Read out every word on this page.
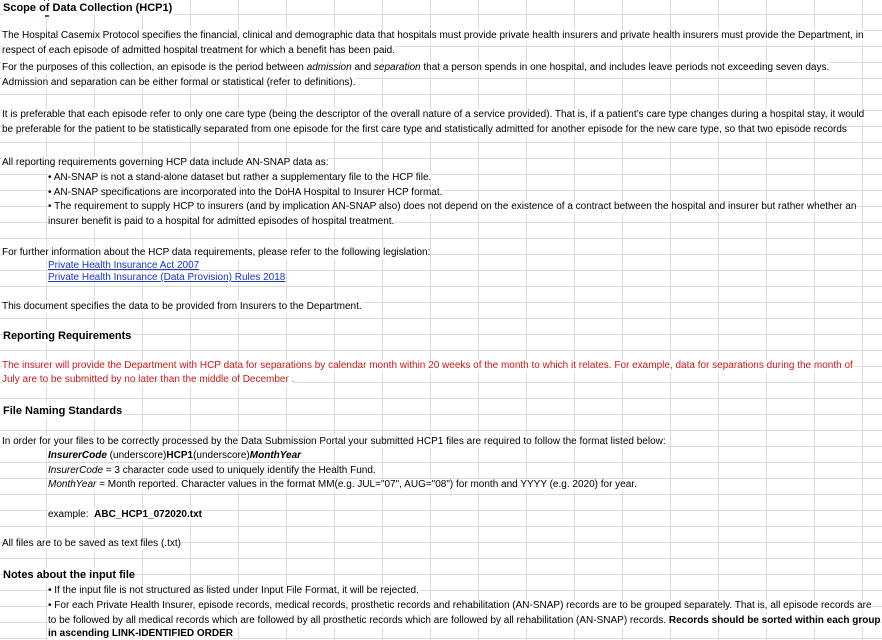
Scope of Data Collection (HCP1)
The Hospital Casemix Protocol specifies the financial, clinical and demographic data that hospitals must provide private health insurers and private health insurers must provide the Department, in
respect of each episode of admitted hospital treatment for which a benefit has been paid.
For the purposes of this collection, an episode is the period between admission and separation that a person spends in one hospital, and includes leave periods not exceeding seven days.
Admission and separation can be either formal or statistical (refer to definitions).
It is preferable that each episode refer to only one care type (being the descriptor of the overall nature of a service provided). That is, if a patient’s care type changes during a hospital stay, it would
be preferable for the patient to be statistically separated from one episode for the first care type and statistically admitted for another episode for the new care type, so that two episode records
All reporting requirements governing HCP data include AN-SNAP data as:
• AN-SNAP is not a stand-alone dataset but rather a supplementary file to the HCP file.
• AN-SNAP specifications are incorporated into the DoHA Hospital to Insurer HCP format.
• The requirement to supply HCP to insurers (and by implication AN-SNAP also) does not depend on the existence of a contract between the hospital and insurer but rather whether an
insurer benefit is paid to a hospital for admitted episodes of hospital treatment.
For further information about the HCP data requirements, please refer to the following legislation:
Private Health Insurance Act 2007
Private Health Insurance (Data Provision) Rules 2018
This document specifies the data to be provided from Insurers to the Department.
Reporting Requirements
The insurer will provide the Department with HCP data for separations by calendar month within 20 weeks of the month to which it relates. For example, data for separations during the month of
July are to be submitted by no later than the middle of December .
File Naming Standards
In order for your files to be correctly processed by the Data Submission Portal your submitted HCP1 files are required to follow the format listed below:
InsurerCode (underscore)HCP1(underscore)MonthYear
InsurerCode = 3 character code used to uniquely identify the Health Fund.
MonthYear = Month reported. Character values in the format MM(e.g. JUL="07", AUG="08") for month and YYYY (e.g. 2020) for year.
example: ABC_HCP1_072020.txt
All files are to be saved as text files (.txt)
Notes about the input file
• If the input file is not structured as listed under Input File Format, it will be rejected.
• For each Private Health Insurer, episode records, medical records, prosthetic records and rehabilitation (AN-SNAP) records are to be grouped separately. That is, all episode records are
to be followed by all medical records which are followed by all prosthetic records which are followed by all rehabilitation (AN-SNAP) records. Records should be sorted within each group
in ascending LINK-IDENTIFIED ORDER
